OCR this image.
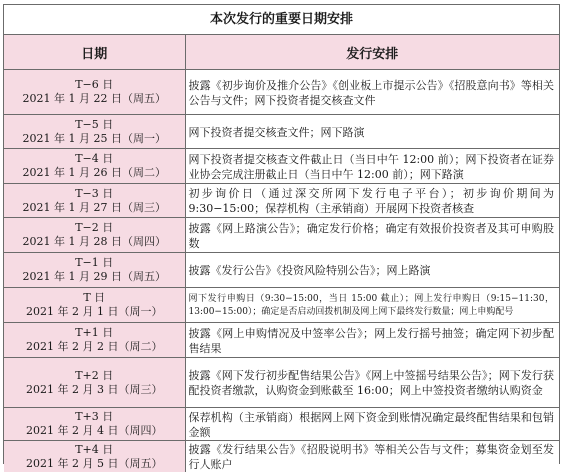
本次发行的重要日期安排
日期	发行安排

T−6 日
2021 年 1 月 22 日（周五）	披露《初步询价及推介公告》《创业板上市提示公告》《招股意向书》等相关公告与文件；网下投资者提交核查文件

T−5 日
2021 年 1 月 25 日（周一）	网下投资者提交核查文件；网下路演

T−4 日
2021 年 1 月 26 日（周二）	网下投资者提交核查文件截止日（当日中午 12:00 前）；网下投资者在证券业协会完成注册截止日（当日中午 12:00 前）；网下路演

T−3 日
2021 年 1 月 27 日（周三）	初步询价日（通过深交所网下发行电子平台）；初步询价期间为 9:30−15:00；保荐机构（主承销商）开展网下投资者核查

T−2 日
2021 年 1 月 28 日（周四）	披露《网上路演公告》；确定发行价格；确定有效报价投资者及其可申购股数

T−1 日
2021 年 1 月 29 日（周五）	披露《发行公告》《投资风险特别公告》；网上路演

T 日
2021 年 2 月 1 日（周一）	网下发行申购日（9:30−15:00，当日 15:00 截止）；网上发行申购日（9:15−11:30，13:00−15:00）；确定是否启动回拨机制及网上网下最终发行数量；网上申购配号

T+1 日
2021 年 2 月 2 日（周二）	披露《网上申购情况及中签率公告》；网上发行摇号抽签；确定网下初步配售结果

T+2 日
2021 年 2 月 3 日（周三）	披露《网下发行初步配售结果公告》《网上中签摇号结果公告》；网下发行获配投资者缴款，认购资金到账截至 16:00；网上中签投资者缴纳认购资金

T+3 日
2021 年 2 月 4 日（周四）	保荐机构（主承销商）根据网上网下资金到账情况确定最终配售结果和包销金额

T+4 日
2021 年 2 月 5 日（周五）	披露《发行结果公告》《招股说明书》等相关公告与文件；募集资金划至发行人账户
